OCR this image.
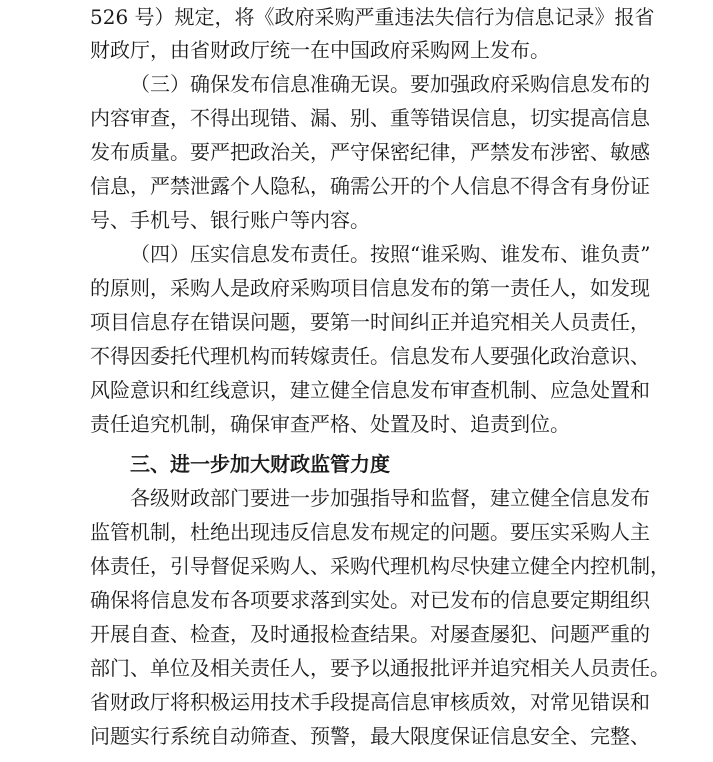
526 号）规定，将《政府采购严重违法失信行为信息记录》报省
财政厅，由省财政厅统一在中国政府采购网上发布。
（三）确保发布信息准确无误。要加强政府采购信息发布的
内容审查，不得出现错、漏、别、重等错误信息，切实提高信息
发布质量。要严把政治关，严守保密纪律，严禁发布涉密、敏感
信息，严禁泄露个人隐私，确需公开的个人信息不得含有身份证
号、手机号、银行账户等内容。
（四）压实信息发布责任。按照“谁采购、谁发布、谁负责”
的原则，采购人是政府采购项目信息发布的第一责任人，如发现
项目信息存在错误问题，要第一时间纠正并追究相关人员责任，
不得因委托代理机构而转嫁责任。信息发布人要强化政治意识、
风险意识和红线意识，建立健全信息发布审查机制、应急处置和
责任追究机制，确保审查严格、处置及时、追责到位。
三、进一步加大财政监管力度
各级财政部门要进一步加强指导和监督，建立健全信息发布
监管机制，杜绝出现违反信息发布规定的问题。要压实采购人主
体责任，引导督促采购人、采购代理机构尽快建立健全内控机制，
确保将信息发布各项要求落到实处。对已发布的信息要定期组织
开展自查、检查，及时通报检查结果。对屡查屡犯、问题严重的
部门、单位及相关责任人，要予以通报批评并追究相关人员责任。
省财政厅将积极运用技术手段提高信息审核质效，对常见错误和
问题实行系统自动筛查、预警，最大限度保证信息安全、完整、
